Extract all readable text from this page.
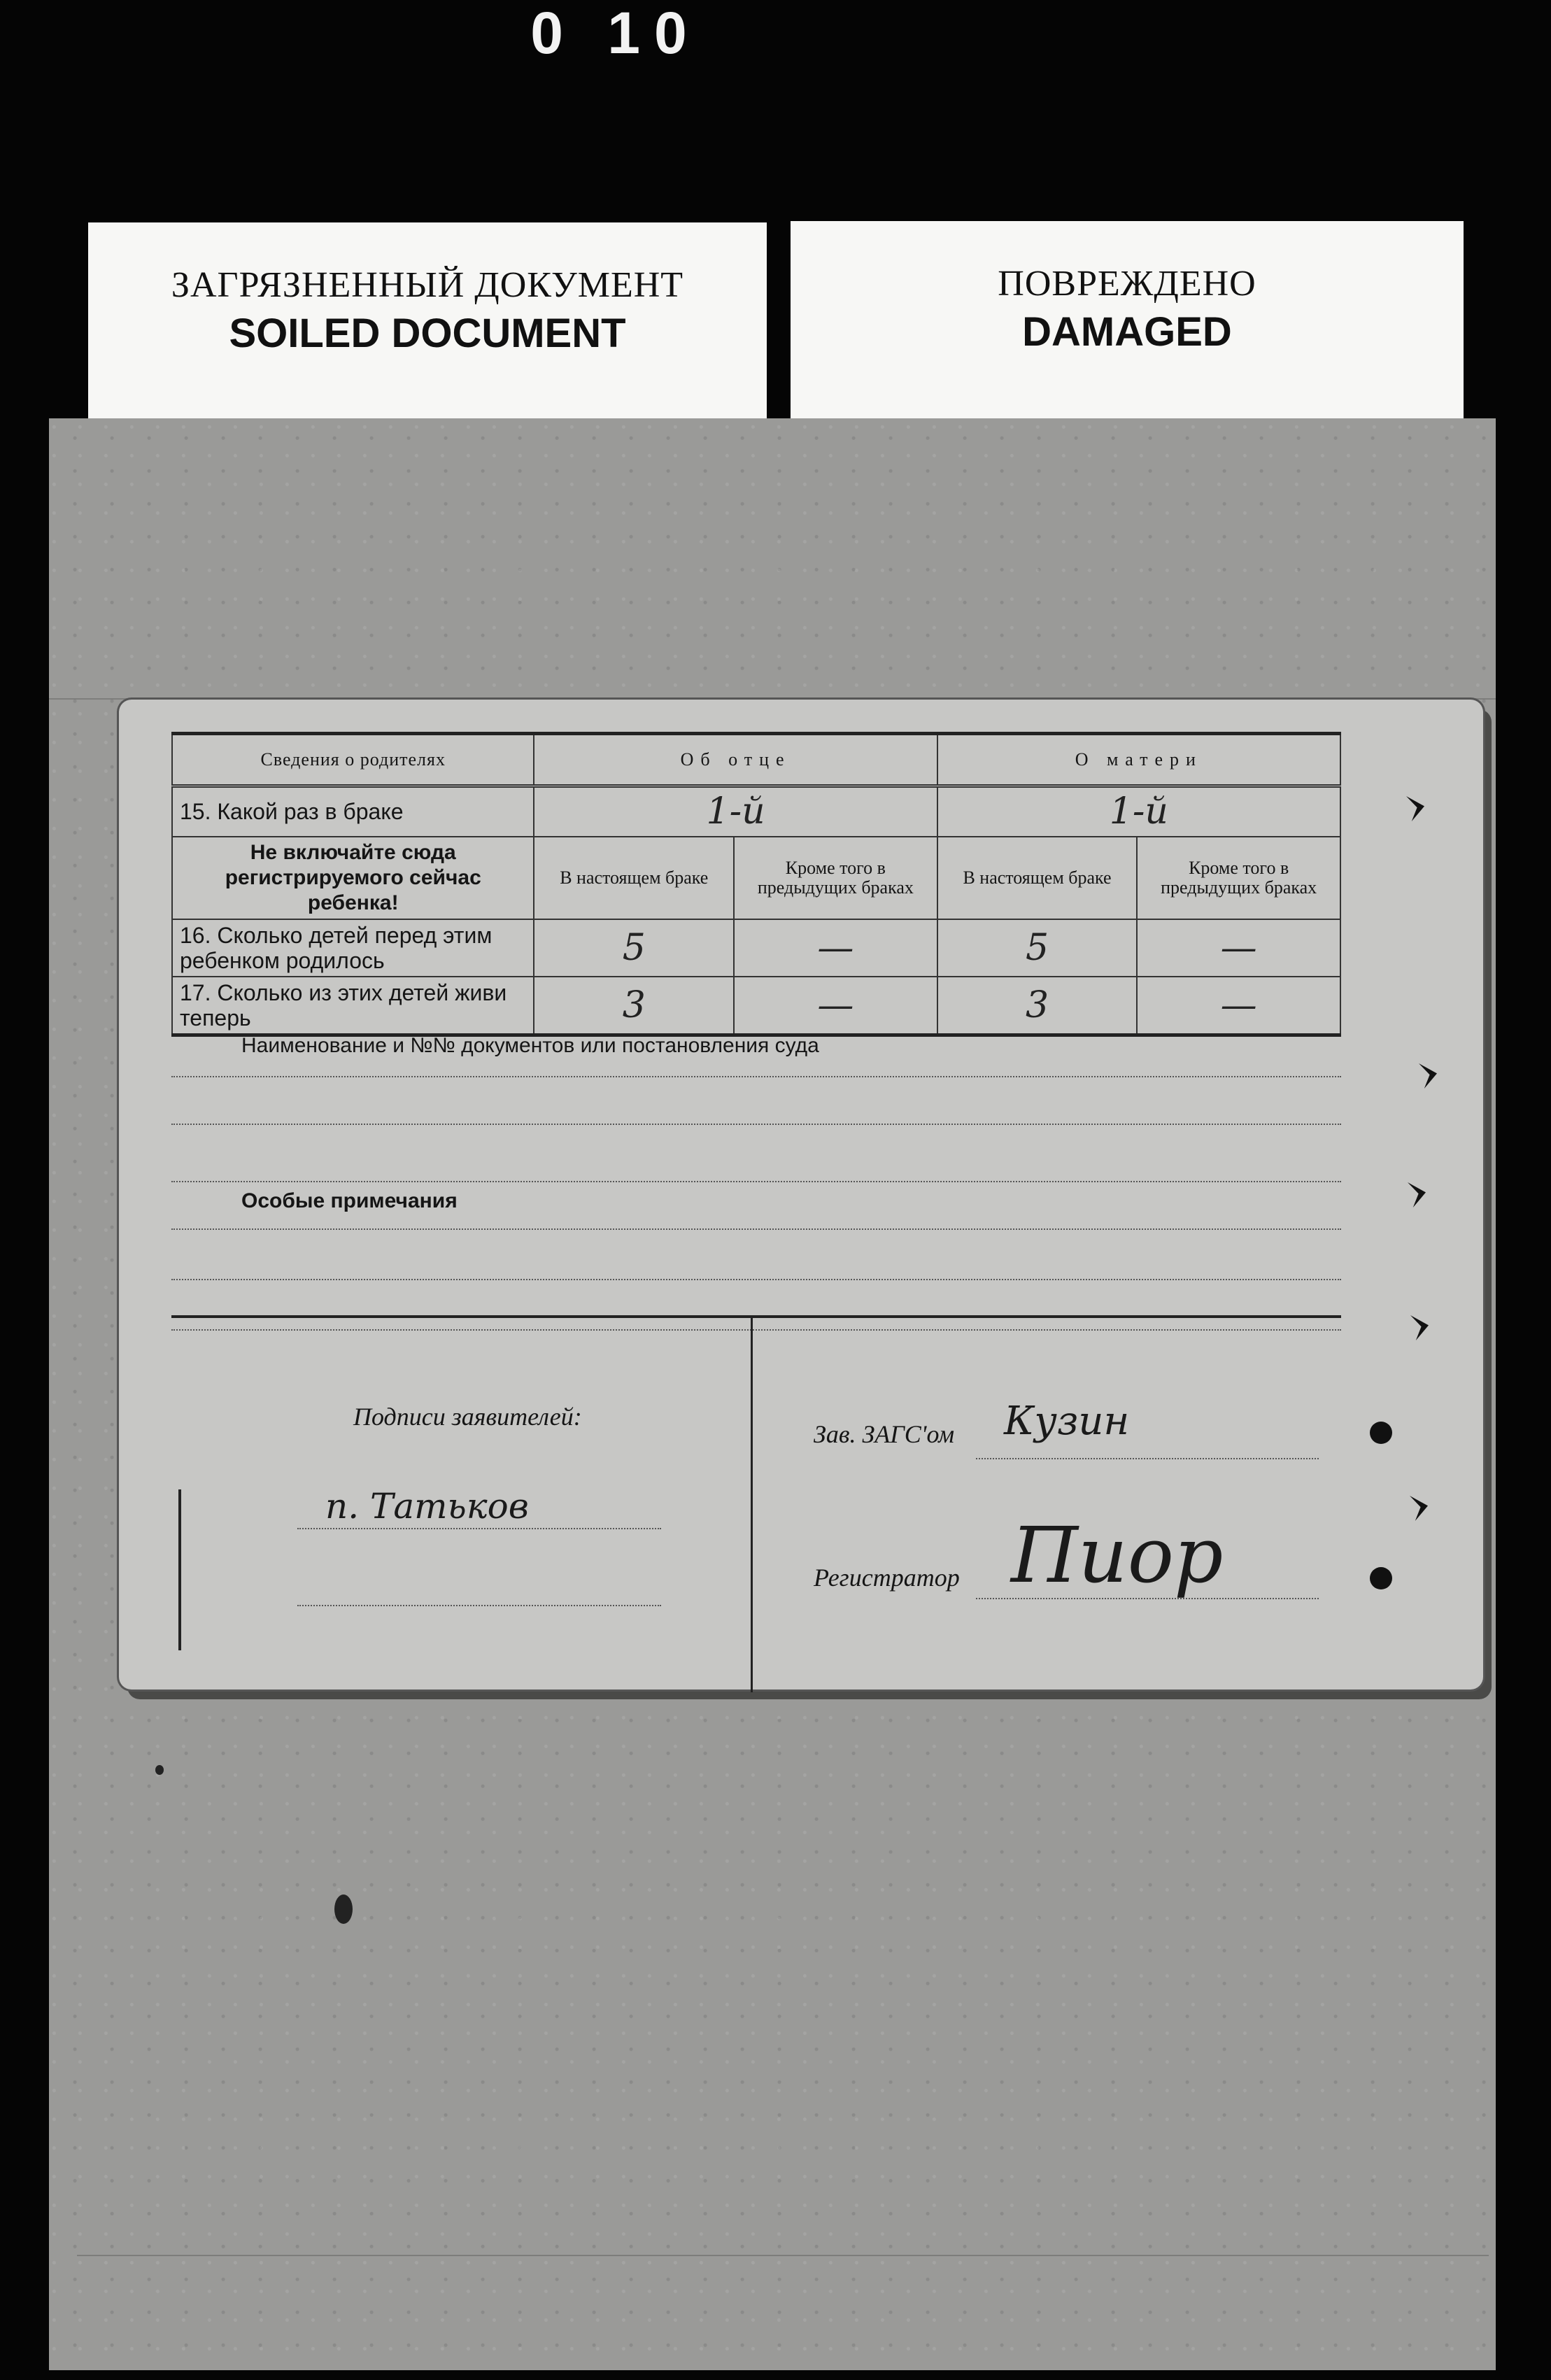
0 10
ЗАГРЯЗНЕННЫЙ ДОКУМЕНТ
SOILED DOCUMENT
ПОВРЕЖДЕНО
DAMAGED
Сведения о родителях	Об отце		О матери	
15. Какой раз в браке	1-й		1-й	
Не включайте сюда регистрируемого сейчас ребенка!	В настоящем браке	Кроме того в предыдущих браках	В настоящем браке	Кроме того в предыдущих браках
16. Сколько детей перед этим ребенком родилось	5	—	5	—
17. Сколько из этих детей живи теперь	3	—	3	—
Наименование и №№ документов или постановления суда
Особые примечания
Подписи заявителей:
п. Татьков
Зав. ЗАГС'ом Кузин
Регистратор Пиор
